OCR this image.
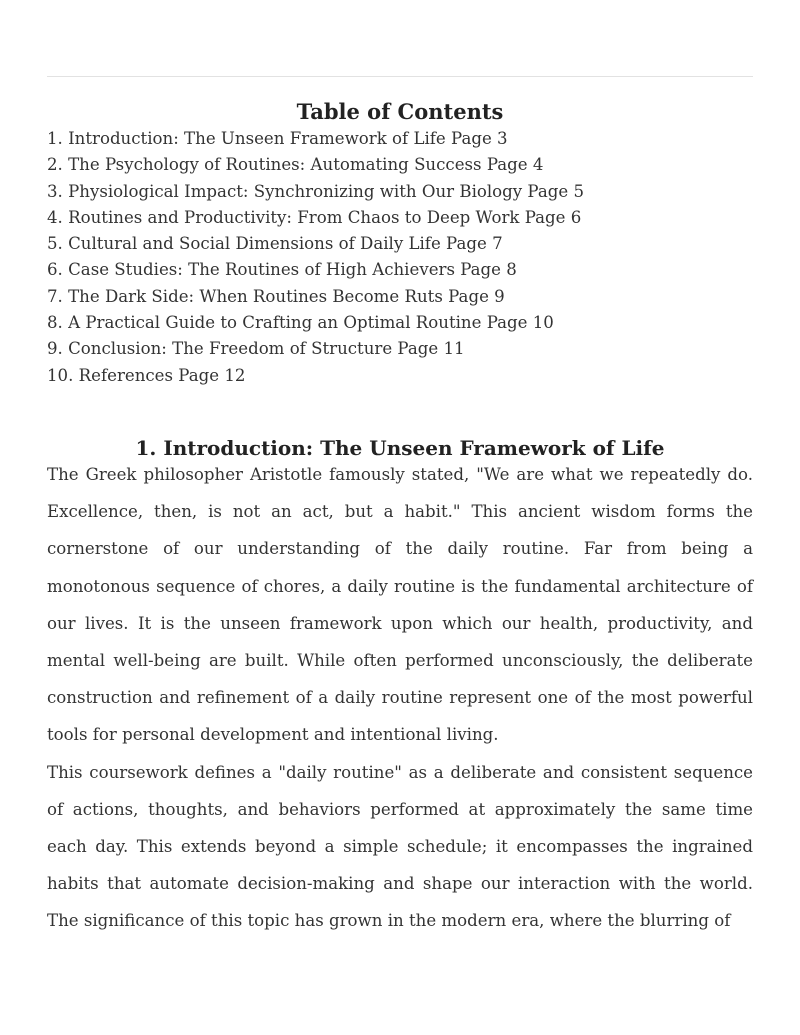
Table of Contents
1. Introduction: The Unseen Framework of Life Page 3
2. The Psychology of Routines: Automating Success Page 4
3. Physiological Impact: Synchronizing with Our Biology Page 5
4. Routines and Productivity: From Chaos to Deep Work Page 6
5. Cultural and Social Dimensions of Daily Life Page 7
6. Case Studies: The Routines of High Achievers Page 8
7. The Dark Side: When Routines Become Ruts Page 9
8. A Practical Guide to Crafting an Optimal Routine Page 10
9. Conclusion: The Freedom of Structure Page 11
10. References Page 12
1. Introduction: The Unseen Framework of Life

The Greek philosopher Aristotle famously stated, "We are what we repeatedly do. Excellence, then, is not an act, but a habit." This ancient wisdom forms the cornerstone of our understanding of the daily routine. Far from being a monotonous sequence of chores, a daily routine is the fundamental architecture of our lives. It is the unseen framework upon which our health, productivity, and mental well-being are built. While often performed unconsciously, the deliberate construction and refinement of a daily routine represent one of the most powerful tools for personal development and intentional living.

This coursework defines a "daily routine" as a deliberate and consistent sequence of actions, thoughts, and behaviors performed at approximately the same time each day. This extends beyond a simple schedule; it encompasses the ingrained habits that automate decision-making and shape our interaction with the world. The significance of this topic has grown in the modern era, where the blurring of
